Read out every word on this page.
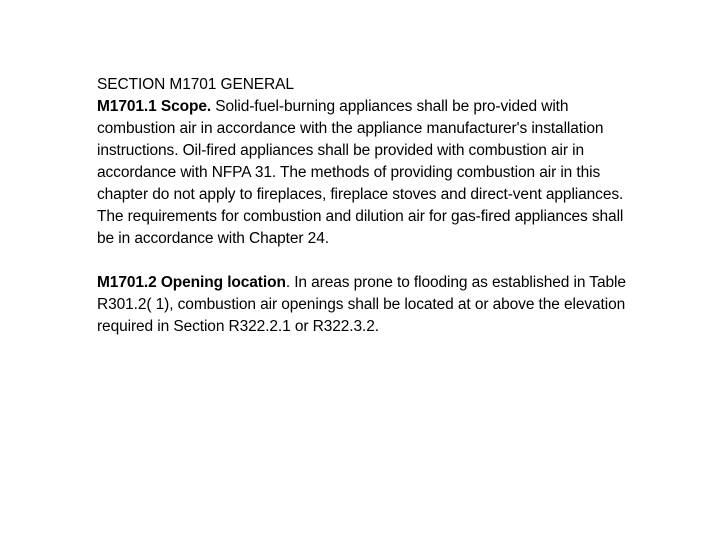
SECTION M1701 GENERAL

M1701.1 Scope. Solid-fuel-burning appliances shall be pro-vided with combustion air in accordance with the appliance manufacturer's installation instructions. Oil-fired appliances shall be provided with combustion air in accordance with NFPA 31. The methods of providing combustion air in this chapter do not apply to fireplaces, fireplace stoves and direct-vent appliances. The requirements for combustion and dilution air for gas-fired appliances shall be in accordance with Chapter 24.

M1701.2 Opening location. In areas prone to flooding as established in Table R301.2( 1), combustion air openings shall be located at or above the elevation required in Section R322.2.1 or R322.3.2.
